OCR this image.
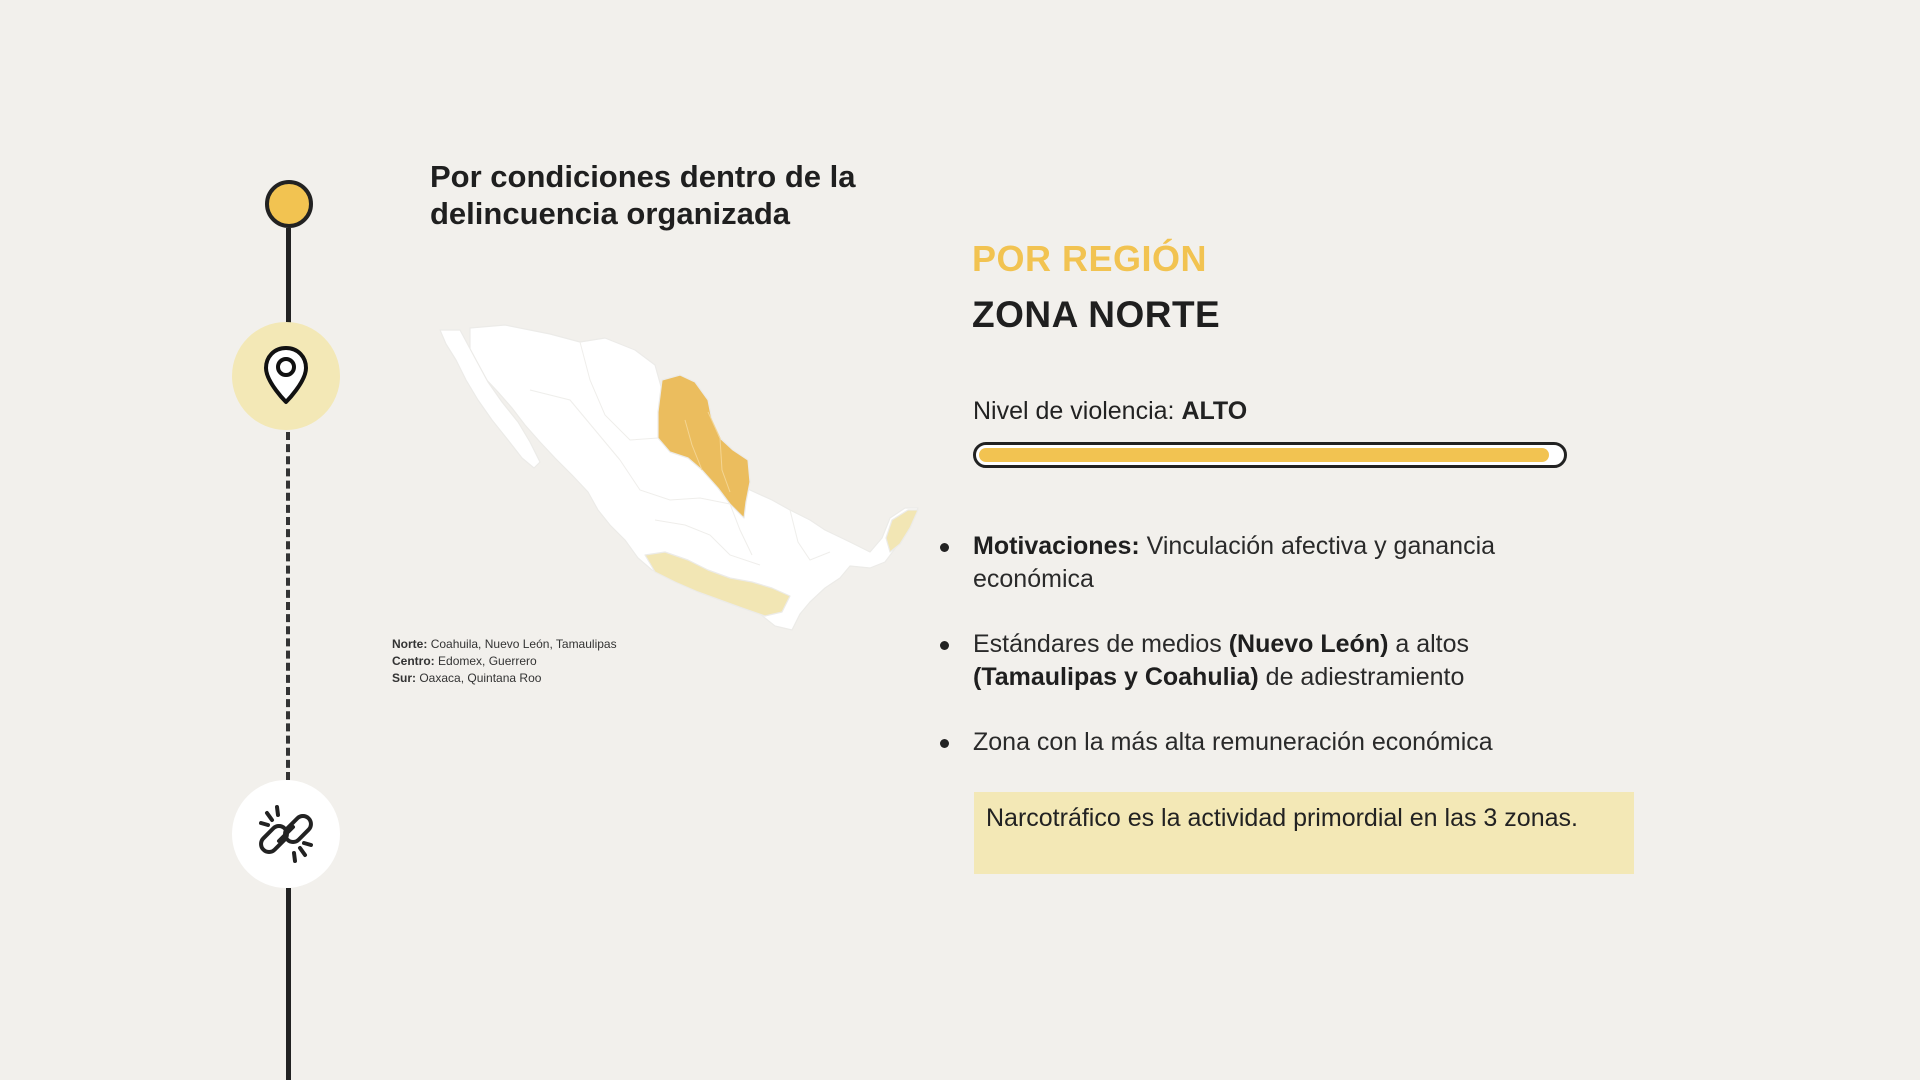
Por condiciones dentro de la delincuencia organizada
Norte: Coahuila, Nuevo León, Tamaulipas
Centro: Edomex, Guerrero
Sur: Oaxaca, Quintana Roo
POR REGIÓN
ZONA NORTE
Nivel de violencia: ALTO
Motivaciones: Vinculación afectiva y ganancia económica
Estándares de medios (Nuevo León) a altos (Tamaulipas y Coahulia) de adiestramiento
Zona con la más alta remuneración económica
Narcotráfico es la actividad primordial en las 3 zonas.
